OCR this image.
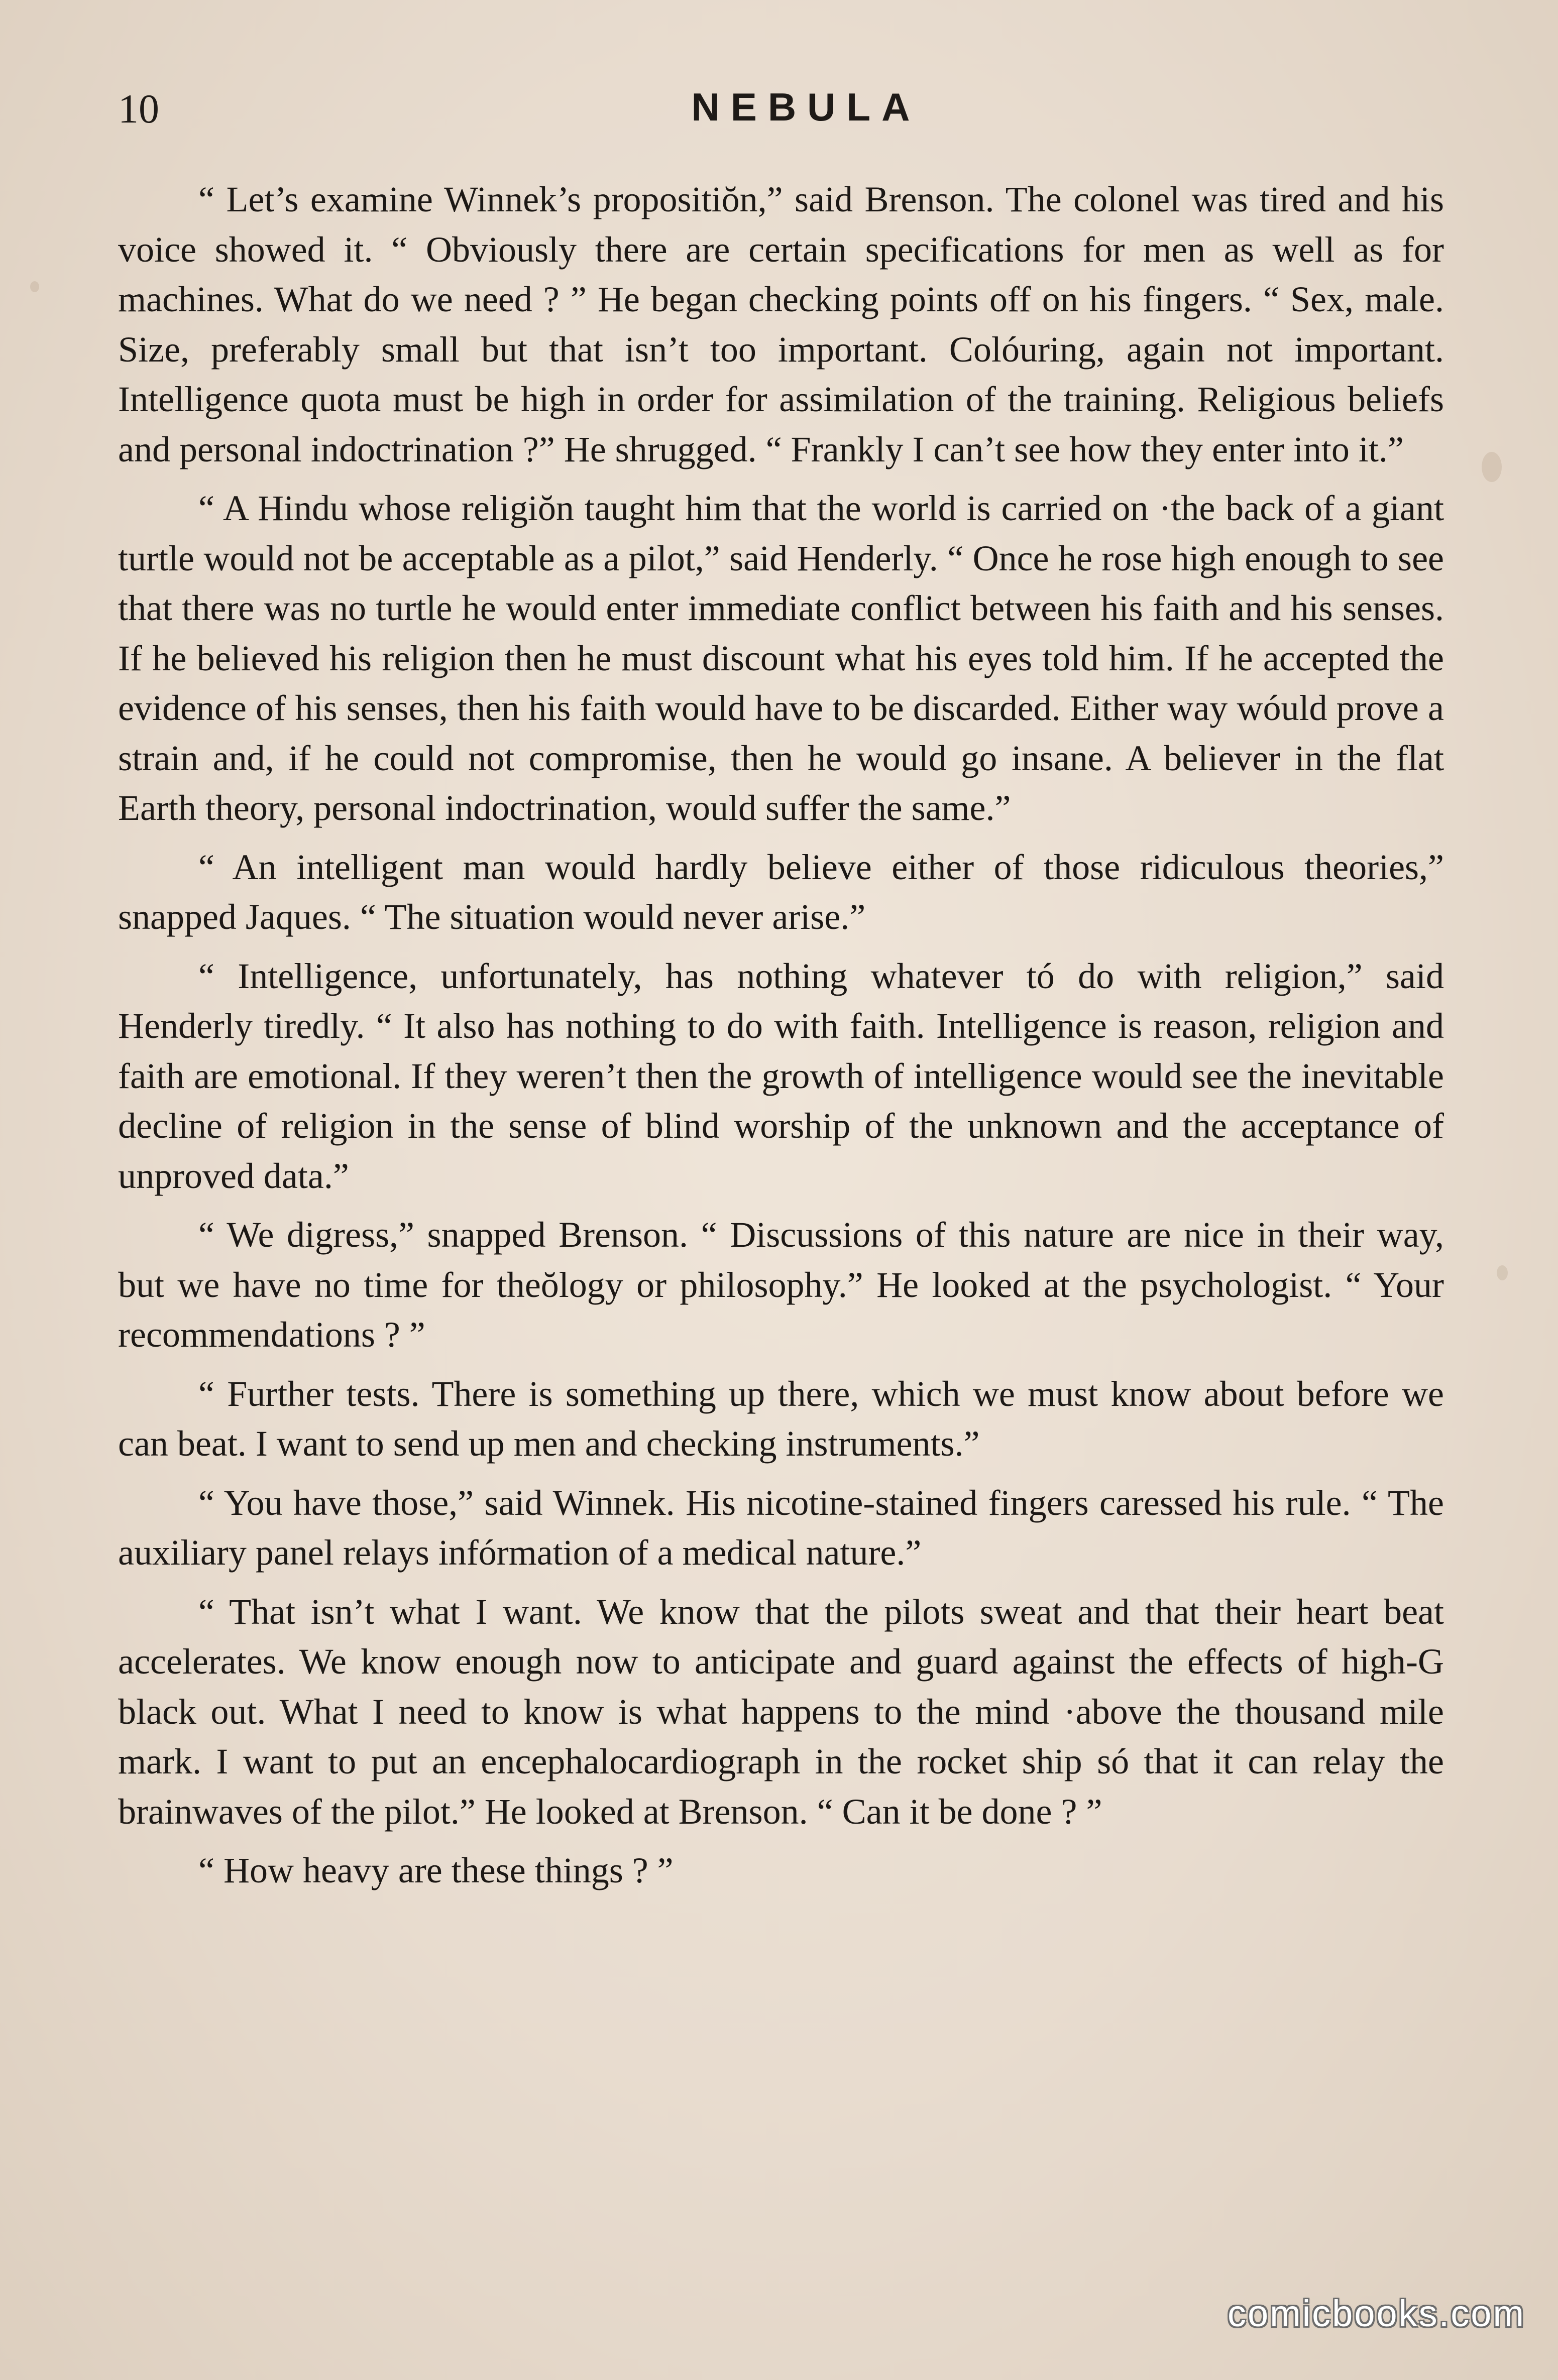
10	NEBULA

“ Let’s examine Winnek’s propositiŏn,” said Brenson. The colonel was tired and his voice showed it. “ Obviously there are certain specifications for men as well as for machines. What do we need ? ” He began checking points off on his fingers. “ Sex, male. Size, preferably small but that isn’t too important. Colóuring, again not important. Intelligence quota must be high in order for assimilation of the training. Religious beliefs and personal indoctrination ?” He shrugged. “ Frankly I can’t see how they enter into it.”

“ A Hindu whose religiŏn taught him that the world is carried on ·the back of a giant turtle would not be acceptable as a pilot,” said Henderly. “ Once he rose high enough to see that there was no turtle he would enter immediate conflict between his faith and his senses. If he believed his religion then he must discount what his eyes told him. If he accepted the evidence of his senses, then his faith would have to be discarded. Either way wóuld prove a strain and, if he could not compromise, then he would go insane. A believer in the flat Earth theory, personal indoctrination, would suffer the same.”

“ An intelligent man would hardly believe either of those ridiculous theories,” snapped Jaques. “ The situation would never arise.”

“ Intelligence, unfortunately, has nothing whatever tó do with religion,” said Henderly tiredly. “ It also has nothing to do with faith. Intelligence is reason, religion and faith are emotional. If they weren’t then the growth of intelligence would see the inevitable decline of religion in the sense of blind worship of the unknown and the acceptance of unproved data.”

“ We digress,” snapped Brenson. “ Discussions of this nature are nice in their way, but we have no time for theŏlogy or philosophy.” He looked at the psychologist. “ Your recommendations ? ”

“ Further tests. There is something up there, which we must know about before we can beat. I want to send up men and checking instruments.”

“ You have those,” said Winnek. His nicotine-stained fingers caressed his rule. “ The auxiliary panel relays infórmation of a medical nature.”

“ That isn’t what I want. We know that the pilots sweat and that their heart beat accelerates. We know enough now to anticipate and guard against the effects of high-G black out. What I need to know is what happens to the mind ·above the thousand mile mark. I want to put an encephalocardiograph in the rocket ship só that it can relay the brainwaves of the pilot.” He looked at Brenson. “ Can it be done ? ”

“ How heavy are these things ? ”

comicbooks.com
